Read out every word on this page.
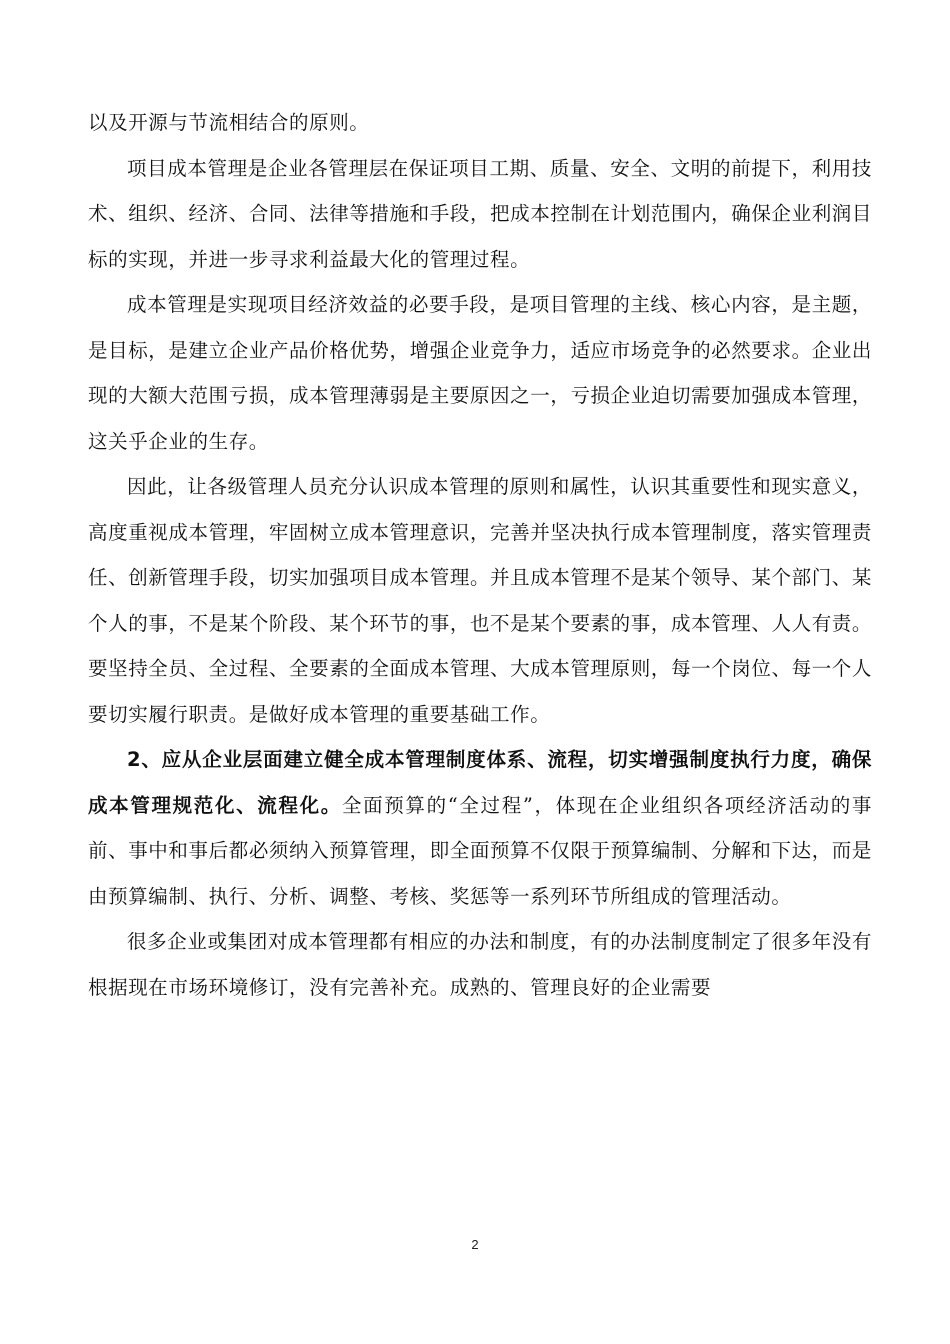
以及开源与节流相结合的原则。

项目成本管理是企业各管理层在保证项目工期、质量、安全、文明的前提下，利用技术、组织、经济、合同、法律等措施和手段，把成本控制在计划范围内，确保企业利润目标的实现，并进一步寻求利益最大化的管理过程。

成本管理是实现项目经济效益的必要手段，是项目管理的主线、核心内容，是主题，是目标，是建立企业产品价格优势，增强企业竞争力，适应市场竞争的必然要求。企业出现的大额大范围亏损，成本管理薄弱是主要原因之一，亏损企业迫切需要加强成本管理，这关乎企业的生存。

因此，让各级管理人员充分认识成本管理的原则和属性，认识其重要性和现实意义，高度重视成本管理，牢固树立成本管理意识，完善并坚决执行成本管理制度，落实管理责任、创新管理手段，切实加强项目成本管理。并且成本管理不是某个领导、某个部门、某个人的事，不是某个阶段、某个环节的事，也不是某个要素的事，成本管理、人人有责。要坚持全员、全过程、全要素的全面成本管理、大成本管理原则，每一个岗位、每一个人要切实履行职责。是做好成本管理的重要基础工作。

2、应从企业层面建立健全成本管理制度体系、流程，切实增强制度执行力度，确保成本管理规范化、流程化。全面预算的“全过程”，体现在企业组织各项经济活动的事前、事中和事后都必须纳入预算管理，即全面预算不仅限于预算编制、分解和下达，而是由预算编制、执行、分析、调整、考核、奖惩等一系列环节所组成的管理活动。

很多企业或集团对成本管理都有相应的办法和制度，有的办法制度制定了很多年没有根据现在市场环境修订，没有完善补充。成熟的、管理良好的企业需要

2
